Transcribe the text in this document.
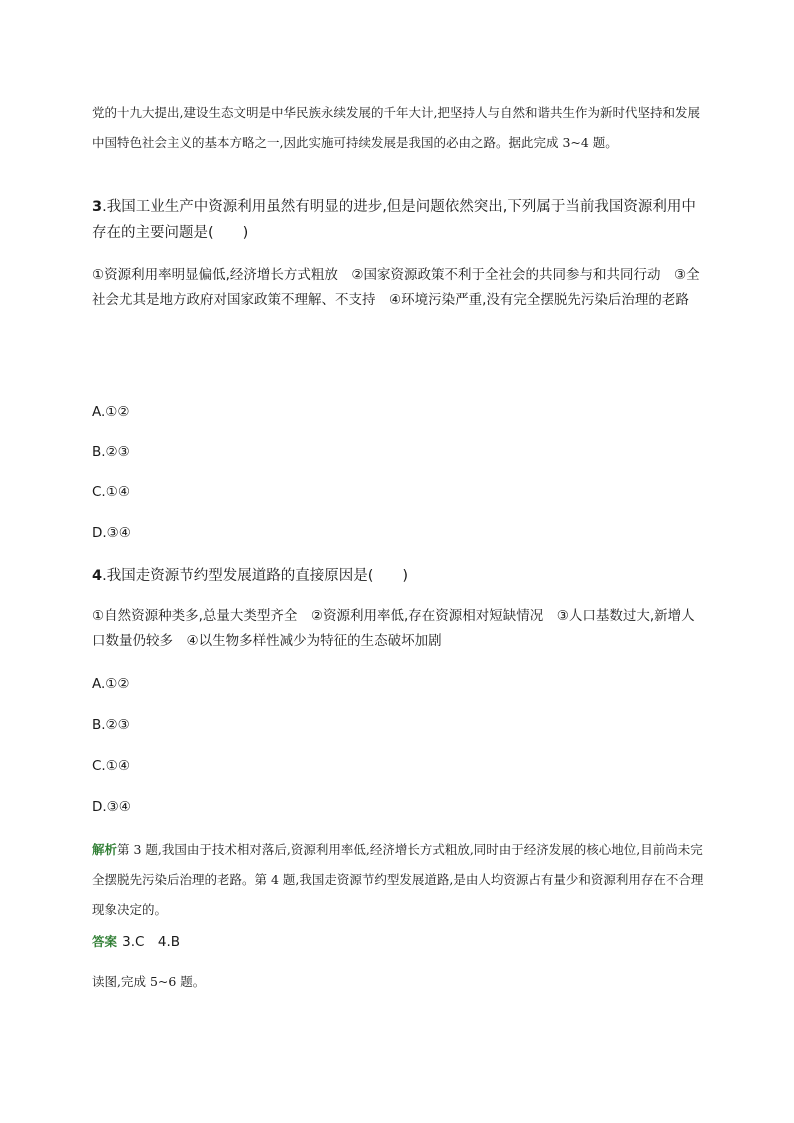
党的十九大提出,建设生态文明是中华民族永续发展的千年大计,把坚持人与自然和谐共生作为新时代坚持和发展中国特色社会主义的基本方略之一,因此实施可持续发展是我国的必由之路。据此完成 3~4 题。
3.我国工业生产中资源利用虽然有明显的进步,但是问题依然突出,下列属于当前我国资源利用中存在的主要问题是(　　)
①资源利用率明显偏低,经济增长方式粗放　②国家资源政策不利于全社会的共同参与和共同行动　③全社会尤其是地方政府对国家政策不理解、不支持　④环境污染严重,没有完全摆脱先污染后治理的老路
A.①②
B.②③
C.①④
D.③④
4.我国走资源节约型发展道路的直接原因是(　　)
①自然资源种类多,总量大类型齐全　②资源利用率低,存在资源相对短缺情况　③人口基数过大,新增人口数量仍较多　④以生物多样性减少为特征的生态破坏加剧
A.①②
B.②③
C.①④
D.③④
解析第 3 题,我国由于技术相对落后,资源利用率低,经济增长方式粗放,同时由于经济发展的核心地位,目前尚未完全摆脱先污染后治理的老路。第 4 题,我国走资源节约型发展道路,是由人均资源占有量少和资源利用存在不合理现象决定的。
答案 3.C　4.B
读图,完成 5~6 题。
